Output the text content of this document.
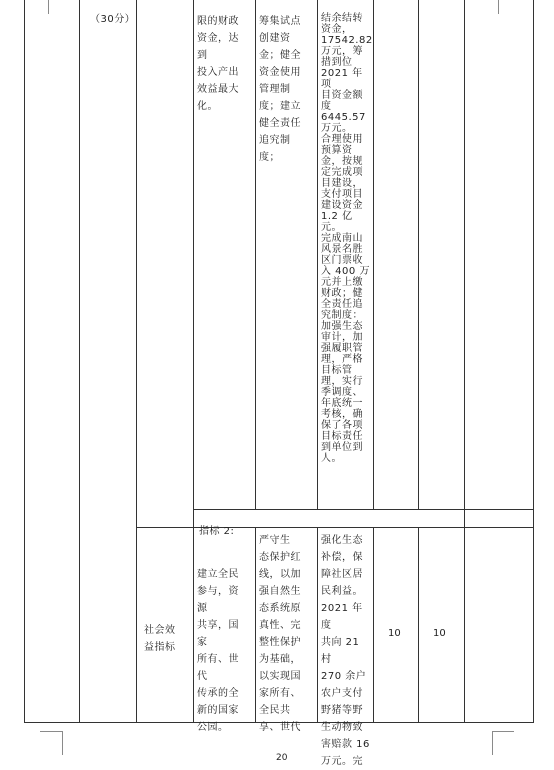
（30分）	限的财政
资金，达到
投入产出
效益最大
化。

筹集试点
创建资
金；健全
资金使用
管理制
度；建立
健全责任
追究制
度；

结余结转
资金，
17542.82
万元，筹
措到位
2021 年项
目资金额
度
6445.57
万元。
合理使用
预算资
金，按规
定完成项
目建设，
支付项目
建设资金
1.2 亿元。
完成南山
风景名胜
区门票收
入 400 万
元并上缴
财政；健
全责任追
究制度：
加强生态
审计，加
强履职管
理，严格
目标管
理，实行
季调度、
年底统一
考核，确
保了各项
目标责任
到单位到
人。

指标 2:

社会效
益指标

建立全民
参与，资源
共享，国家
所有、世代
传承的全
新的国家
公园。

严守生
态保护红
线，以加
强自然生
态系统原
真性、完
整性保护
为基础，
以实现国
家所有、
全民共
享、世代

强化生态
补偿，保
障社区居
民利益。
2021 年度
共向 21 村
270 余户
农户支付
野猪等野
生动物致
害赔款 16
万元。完

10	10

20
